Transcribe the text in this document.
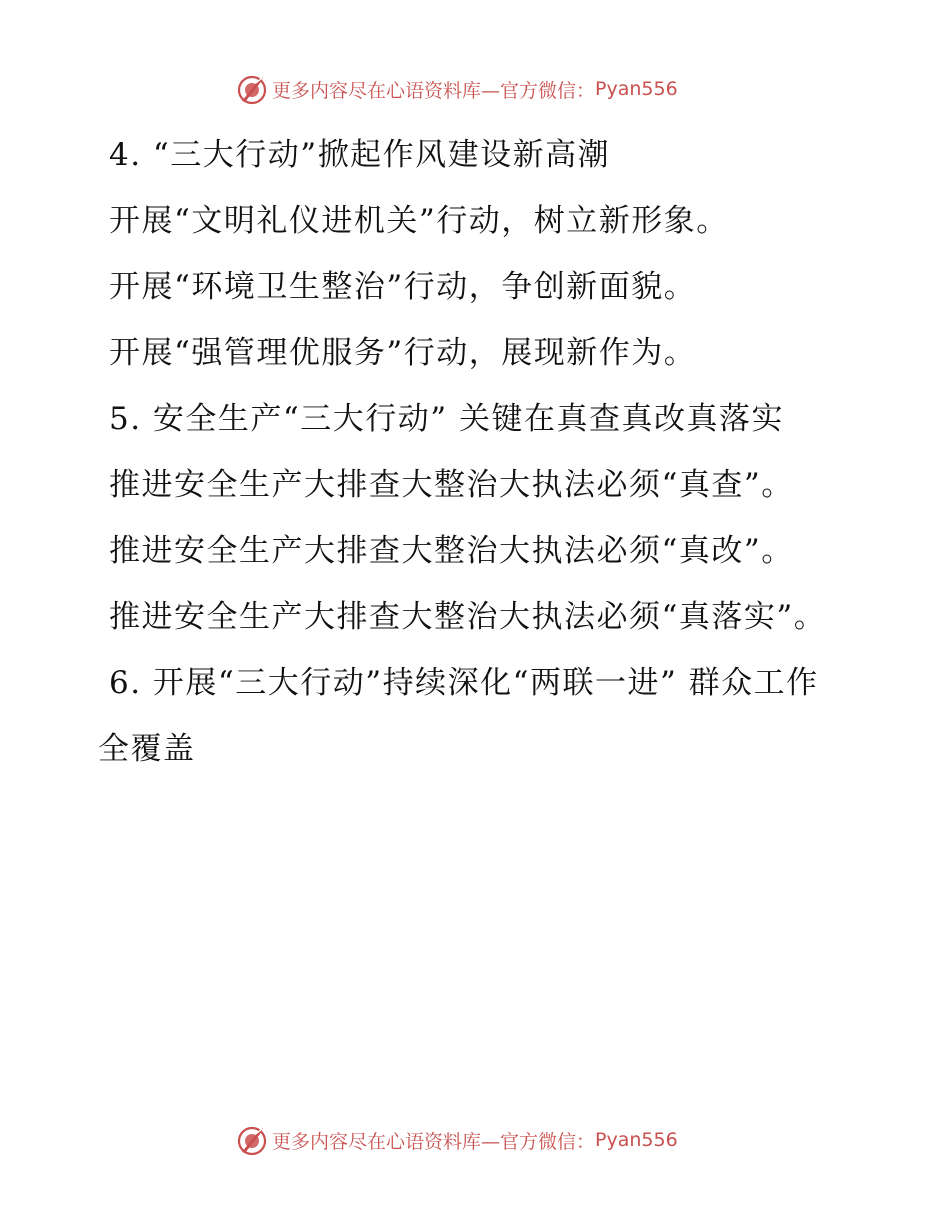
更多内容尽在心语资料库—官方微信： Pyan556

4. “三大行动”掀起作风建设新高潮

开展“文明礼仪进机关”行动，树立新形象。

开展“环境卫生整治”行动，争创新面貌。

开展“强管理优服务”行动，展现新作为。

5. 安全生产“三大行动” 关键在真查真改真落实

推进安全生产大排查大整治大执法必须“真查”。

推进安全生产大排查大整治大执法必须“真改”。

推进安全生产大排查大整治大执法必须“真落实”。

6. 开展“三大行动”持续深化“两联一进” 群众工作全覆盖

更多内容尽在心语资料库—官方微信： Pyan556
